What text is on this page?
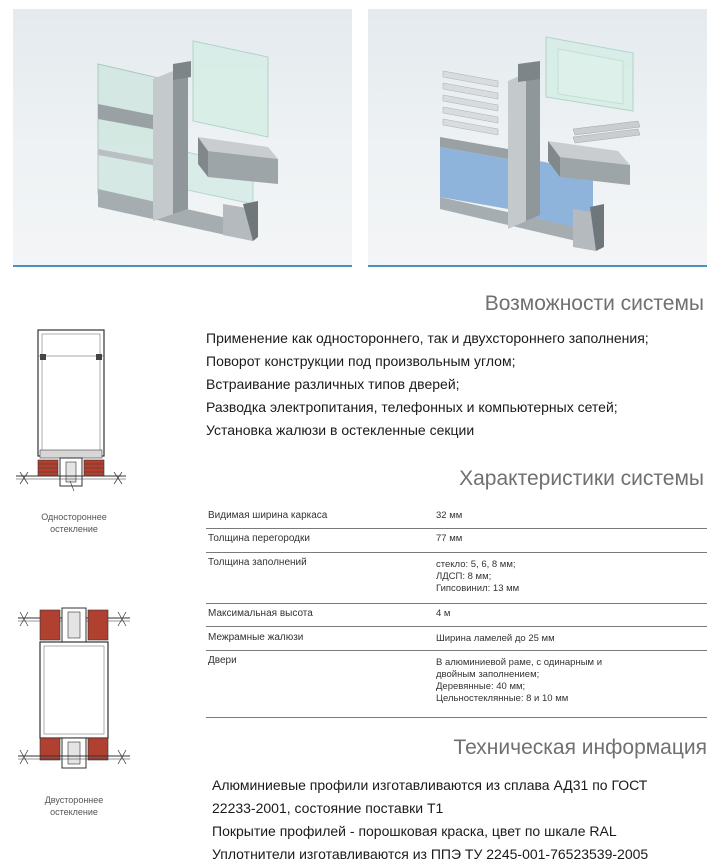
Возможности системы
Применение как одностороннего, так и двухстороннего заполнения;
Поворот конструкции под произвольным углом;
Встраивание различных типов дверей;
Разводка электропитания, телефонных и компьютерных сетей;
Установка жалюзи в остекленные секции
Одностороннее
остекление
Характеристики системы
Видимая ширина каркаса	32 мм
Толщина перегородки	77 мм
Толщина заполнений	стекло: 5, 6, 8 мм;
ЛДСП: 8 мм;
Гипсовинил: 13 мм
Максимальная высота	4 м
Межрамные жалюзи	Ширина ламелей до 25 мм
Двери	В алюминиевой раме, с одинарным и
двойным заполнением;
Деревянные: 40 мм;
Цельностеклянные: 8 и 10 мм
Двустороннее
остекление
Техническая информация
Алюминиевые профили изготавливаются из сплава АД31 по ГОСТ
22233-2001, состояние поставки Т1
Покрытие профилей - порошковая краска, цвет по шкале RAL
Уплотнители изготавливаются из ППЭ ТУ 2245-001-76523539-2005
